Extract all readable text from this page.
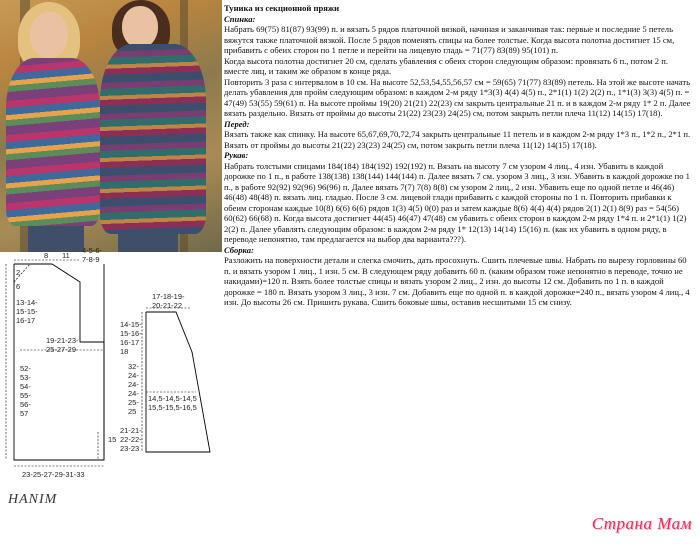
8 11
4-5-6-
7-8-9
2
6
13-14-
15-15-
16-17
19-21-23-
25-27-29
52-
53-
54-
55-
56-
57
15
23-25-27-29-31-33
17-18-19-
20-21-22
14-15-
15-16-
16-17
18
32-
24-
24-
24-
25-
25
14,5-14,5-14,5
15,5-15,5-16,5
21-21-
22-22-
23-23
HANIM

Туника из секционной пряжи

Спинка:

Набрать 69(75) 81(87) 93(99) п. и вязать 5 рядов платочной вязкой, начиная и заканчивая так: первые и последние 5 петель вяжутся также платочной вязкой. После 5 рядов поменять спицы на более толстые. Когда высота полотна достигнет 15 см, прибавить с обеих сторон по 1 петле и перейти на лицевую гладь = 71(77) 83(89) 95(101) п.

Когда высота полотна достигнет 20 см, сделать убавления с обеих сторон следующим образом: провязать 6 п., потом 2 п. вместе лиц, и таким же образом в конце ряда.

Повторить 3 раза с интервалом в 10 см. На высоте 52,53,54,55,56,57 см = 59(65) 71(77) 83(89) петель. На этой же высоте начать делать убавления для пройм следующим образом: в каждом 2-м ряду 1*3(3) 4(4) 4(5) п., 2*1(1) 1(2) 2(2) п., 1*1(3) 3(3) 4(5) п. = 47(49) 53(55) 59(61) п. На высоте проймы 19(20) 21(21) 22(23) см закрыть центральные 21 п. и в каждом 2-м ряду 1* 2 п. Далее вязать раздельно. Вязать от проймы до высоты 21(22) 23(23) 24(25) см, потом закрыть петли плеча 11(12) 14(15) 17(18).

Перед:

Вязать также как спинку. На высоте 65,67,69,70,72,74 закрыть центральные 11 петель и в каждом 2-м ряду 1*3 п., 1*2 п., 2*1 п. Вязать от проймы до высоты 21(22) 23(23) 24(25) см, потом закрыть петли плеча 11(12) 14(15) 17(18).

Рукав:

Набрать толстыми спицами 184(184) 184(192) 192(192) п. Вязать на высоту 7 см узором 4 лиц., 4 изн. Убавить в каждой дорожке по 1 п., в работе 138(138) 138(144) 144(144) п. Далее вязать 7 см. узором 3 лиц., 3 изн. Убавить в каждой дорожке по 1 п., в работе 92(92) 92(96) 96(96) п. Далее вязать 7(7) 7(8) 8(8) см узором 2 лиц., 2 изн. Убавить еще по одной петле и 46(46) 46(48) 48(48) п. вязать лиц. гладью. После 3 см. лицевой глади прибавить с каждой стороны по 1 п. Повторить прибавки к обеим сторонам каждые 10(8) 6(6) 6(6) рядов 1(3) 4(5) 0(0) раз и затем каждые 8(6) 4(4) 4(4) рядов 2(1) 2(1) 8(9) раз = 54(56) 60(62) 66(68) п. Когда высота достигнет 44(45) 46(47) 47(48) см убавить с обеих сторон в каждом 2-м ряду 1*4 п. и 2*1(1) 1(2) 2(2) п. Далее убавлять следующим образом: в каждом 2-м ряду 1* 12(13) 14(14) 15(16) п. (как их убавить в одном ряду, в переводе непонятно, там предлагается на выбор два варианта???).

Сборка:

Разложить на поверхности детали и слегка смочить, дать просохнуть. Сшить плечевые швы. Набрать по вырезу горловины 60 п. и вязать узором 1 лиц., 1 изн. 5 см. В следующем ряду добавить 60 п. (каким образом тоже непонятно в переводе, точно не накидами)=120 п. Взять более толстые спицы и вязать узором 2 лиц., 2 изн. до высоты 12 см. Добавить по 1 п. в каждой дорожке = 180 п. Вязать узором 3 лиц., 3 изн. 7 см. Добавить еще по одной п. в каждой дорожке=240 п., вязать узором 4 лиц., 4 изн. До высоты 26 см. Пришить рукава. Сшить боковые швы, оставив несшитыми 15 см снизу.

Страна Мам
